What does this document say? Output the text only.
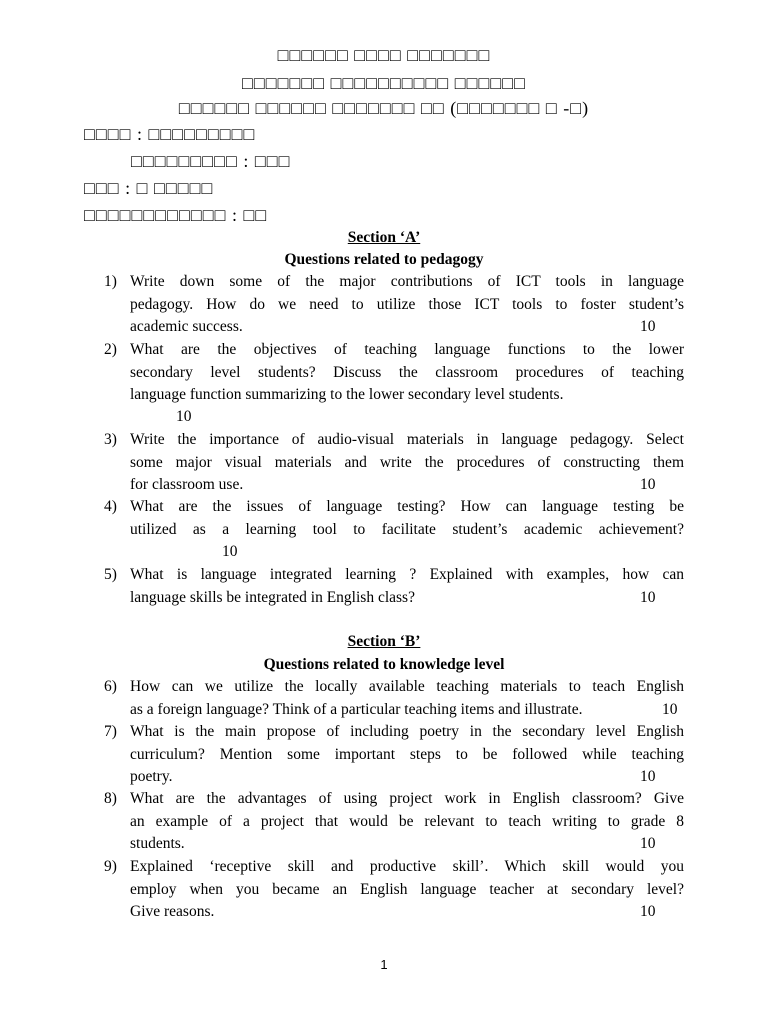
□□□□□□ □□□□ □□□□□□□
□□□□□□□ □□□□□□□□□□ □□□□□□
□□□□□□ □□□□□□ □□□□□□□ □□ (□□□□□□□ □ -□)
□□□□ : □□□□□□□□□
□□□□□□□□□ : □□□
□□□ : □ □□□□□
□□□□□□□□□□□□ : □□
Section ‘A’
Questions related to pedagogy
1) Write down some of the major contributions of ICT tools in language
pedagogy. How do we need to utilize those ICT tools to foster student’s
academic success.	10
2) What are the objectives of teaching language functions to the lower
secondary level students? Discuss the classroom procedures of teaching
language function summarizing to the lower secondary level students.
10
3) Write the importance of audio-visual materials in language pedagogy. Select
some major visual materials and write the procedures of constructing them
for classroom use.	10
4) What are the issues of language testing? How can language testing be
utilized as a learning tool to facilitate student’s academic achievement?
10
5) What is language integrated learning ? Explained with examples, how can
language skills be integrated in English class?	10
Section ‘B’
Questions related to knowledge level
6) How can we utilize the locally available teaching materials to teach English
as a foreign language? Think of a particular teaching items and illustrate.	10
7) What is the main propose of including poetry in the secondary level English
curriculum? Mention some important steps to be followed while teaching
poetry.	10
8) What are the advantages of using project work in English classroom? Give
an example of a project that would be relevant to teach writing to grade 8
students.	10
9) Explained ‘receptive skill and productive skill’. Which skill would you
employ when you became an English language teacher at secondary level?
Give reasons.	10
1
